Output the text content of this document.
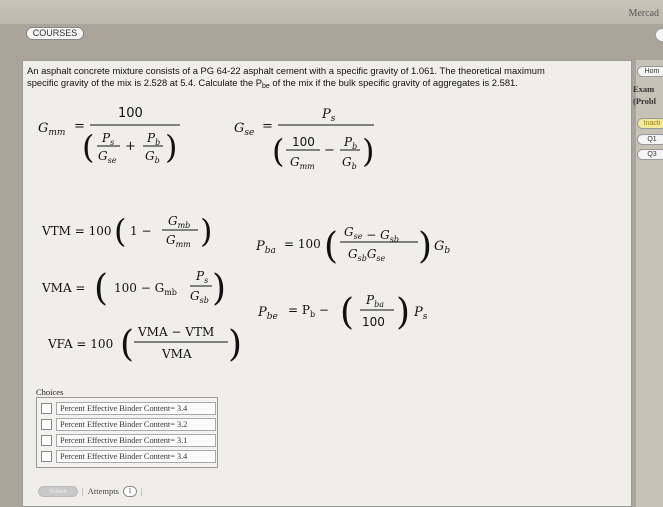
Mercad
COURSES
Hom
Exam
(Probl
Inacti
Q1
Q3
An asphalt concrete mixture consists of a PG 64-22 asphalt cement with a specific gravity of 1.061. The theoretical maximum
specific gravity of the mix is 2.528 at 5.4. Calculate the $P_{be}$ of the mix if the bulk specific gravity of aggregates is 2.581.
$G_{mm}$ =
100
( $P_s$
$G_{se}$
+
$P_b$
$G_b$ )	$G_{se}$ =
$P_s$
( 100
$G_{mm}$
−
$P_b$
$G_b$ )
VTM = 100 ( 1 −
$G_{mb}$
$G_{mm}$ )	$P_{ba} = 100$ ( $G_{se} - G_{sb}$
$G_{sb}G_{se}$ ) $G_b$
VMA = ( $100 - G_{mb}$
$P_s$
$G_{sb}$ )
$P_{be} = P_b$ − ( $P_{ba}$
100 ) $P_s$
VFA = 100 ( VMA − VTM
VMA )
Choices
Percent Effective Binder Content= 3.4
Percent Effective Binder Content= 3.2
Percent Effective Binder Content= 3.1
Percent Effective Binder Content= 3.4
Submit	| Attempts	1	|
